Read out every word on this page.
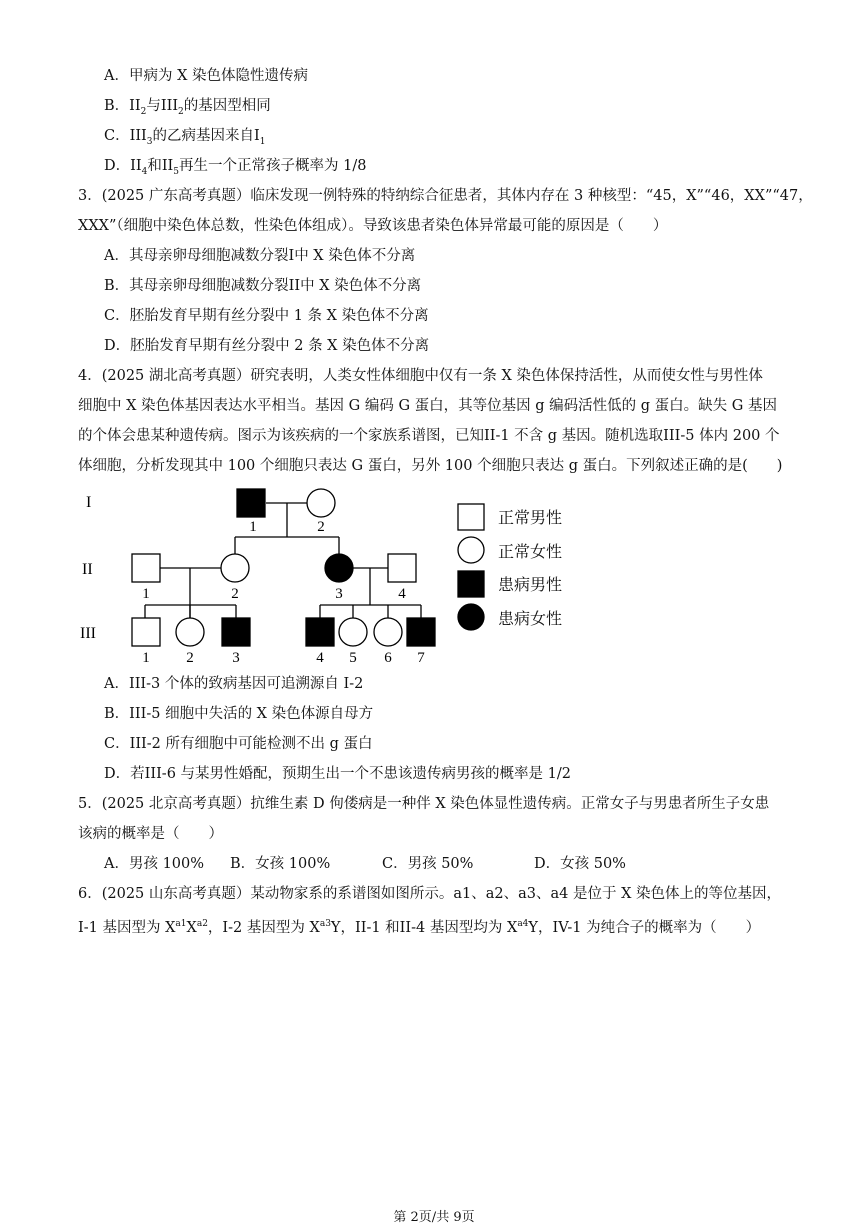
A．甲病为 X 染色体隐性遗传病
B．$II_2$与$III_2$的基因型相同
C．$III_3$的乙病基因来自$I_1$
D．$II_4$和$II_5$再生一个正常孩子概率为 1/8
3．(2025 广东高考真题）临床发现一例特殊的特纳综合征患者，其体内存在 3 种核型：“45，X”“46，XX”“47，
XXX”（细胞中染色体总数，性染色体组成）。导致该患者染色体异常最可能的原因是（　　）
A．其母亲卵母细胞减数分裂I中 X 染色体不分离
B．其母亲卵母细胞减数分裂II中 X 染色体不分离
C．胚胎发育早期有丝分裂中 1 条 X 染色体不分离
D．胚胎发育早期有丝分裂中 2 条 X 染色体不分离
4．(2025 湖北高考真题）研究表明，人类女性体细胞中仅有一条 X 染色体保持活性，从而使女性与男性体
细胞中 X 染色体基因表达水平相当。基因 G 编码 G 蛋白，其等位基因 g 编码活性低的 g 蛋白。缺失 G 基因
的个体会患某种遗传病。图示为该疾病的一个家族系谱图，已知II-1 不含 g 基因。随机选取III-5 体内 200 个
体细胞，分析发现其中 100 个细胞只表达 G 蛋白，另外 100 个细胞只表达 g 蛋白。下列叙述正确的是(　　)
I
II
III
1	2
1	2	3	4
1 2	3	4 5 6 7
正常男性
正常女性
患病男性
患病女性
A．III-3 个体的致病基因可追溯源自 I-2
B．III-5 细胞中失活的 X 染色体源自母方
C．III-2 所有细胞中可能检测不出 g 蛋白
D．若III-6 与某男性婚配，预期生出一个不患该遗传病男孩的概率是 1/2
5．(2025 北京高考真题）抗维生素 D 佝偻病是一种伴 X 染色体显性遗传病。正常女子与男患者所生子女患
该病的概率是（　　）
A．男孩 100% B．女孩 100%	C．男孩 50%	D．女孩 50%
6．(2025 山东高考真题）某动物家系的系谱图如图所示。a1、a2、a3、a4 是位于 X 染色体上的等位基因，
I-1 基因型为 $X^{a1}X^{a2}$，I-2 基因型为 $X^{a3}Y$，II-1 和II-4 基因型均为 $X^{a4}Y$，IV-1 为纯合子的概率为（　　）
第 2页/共 9页
